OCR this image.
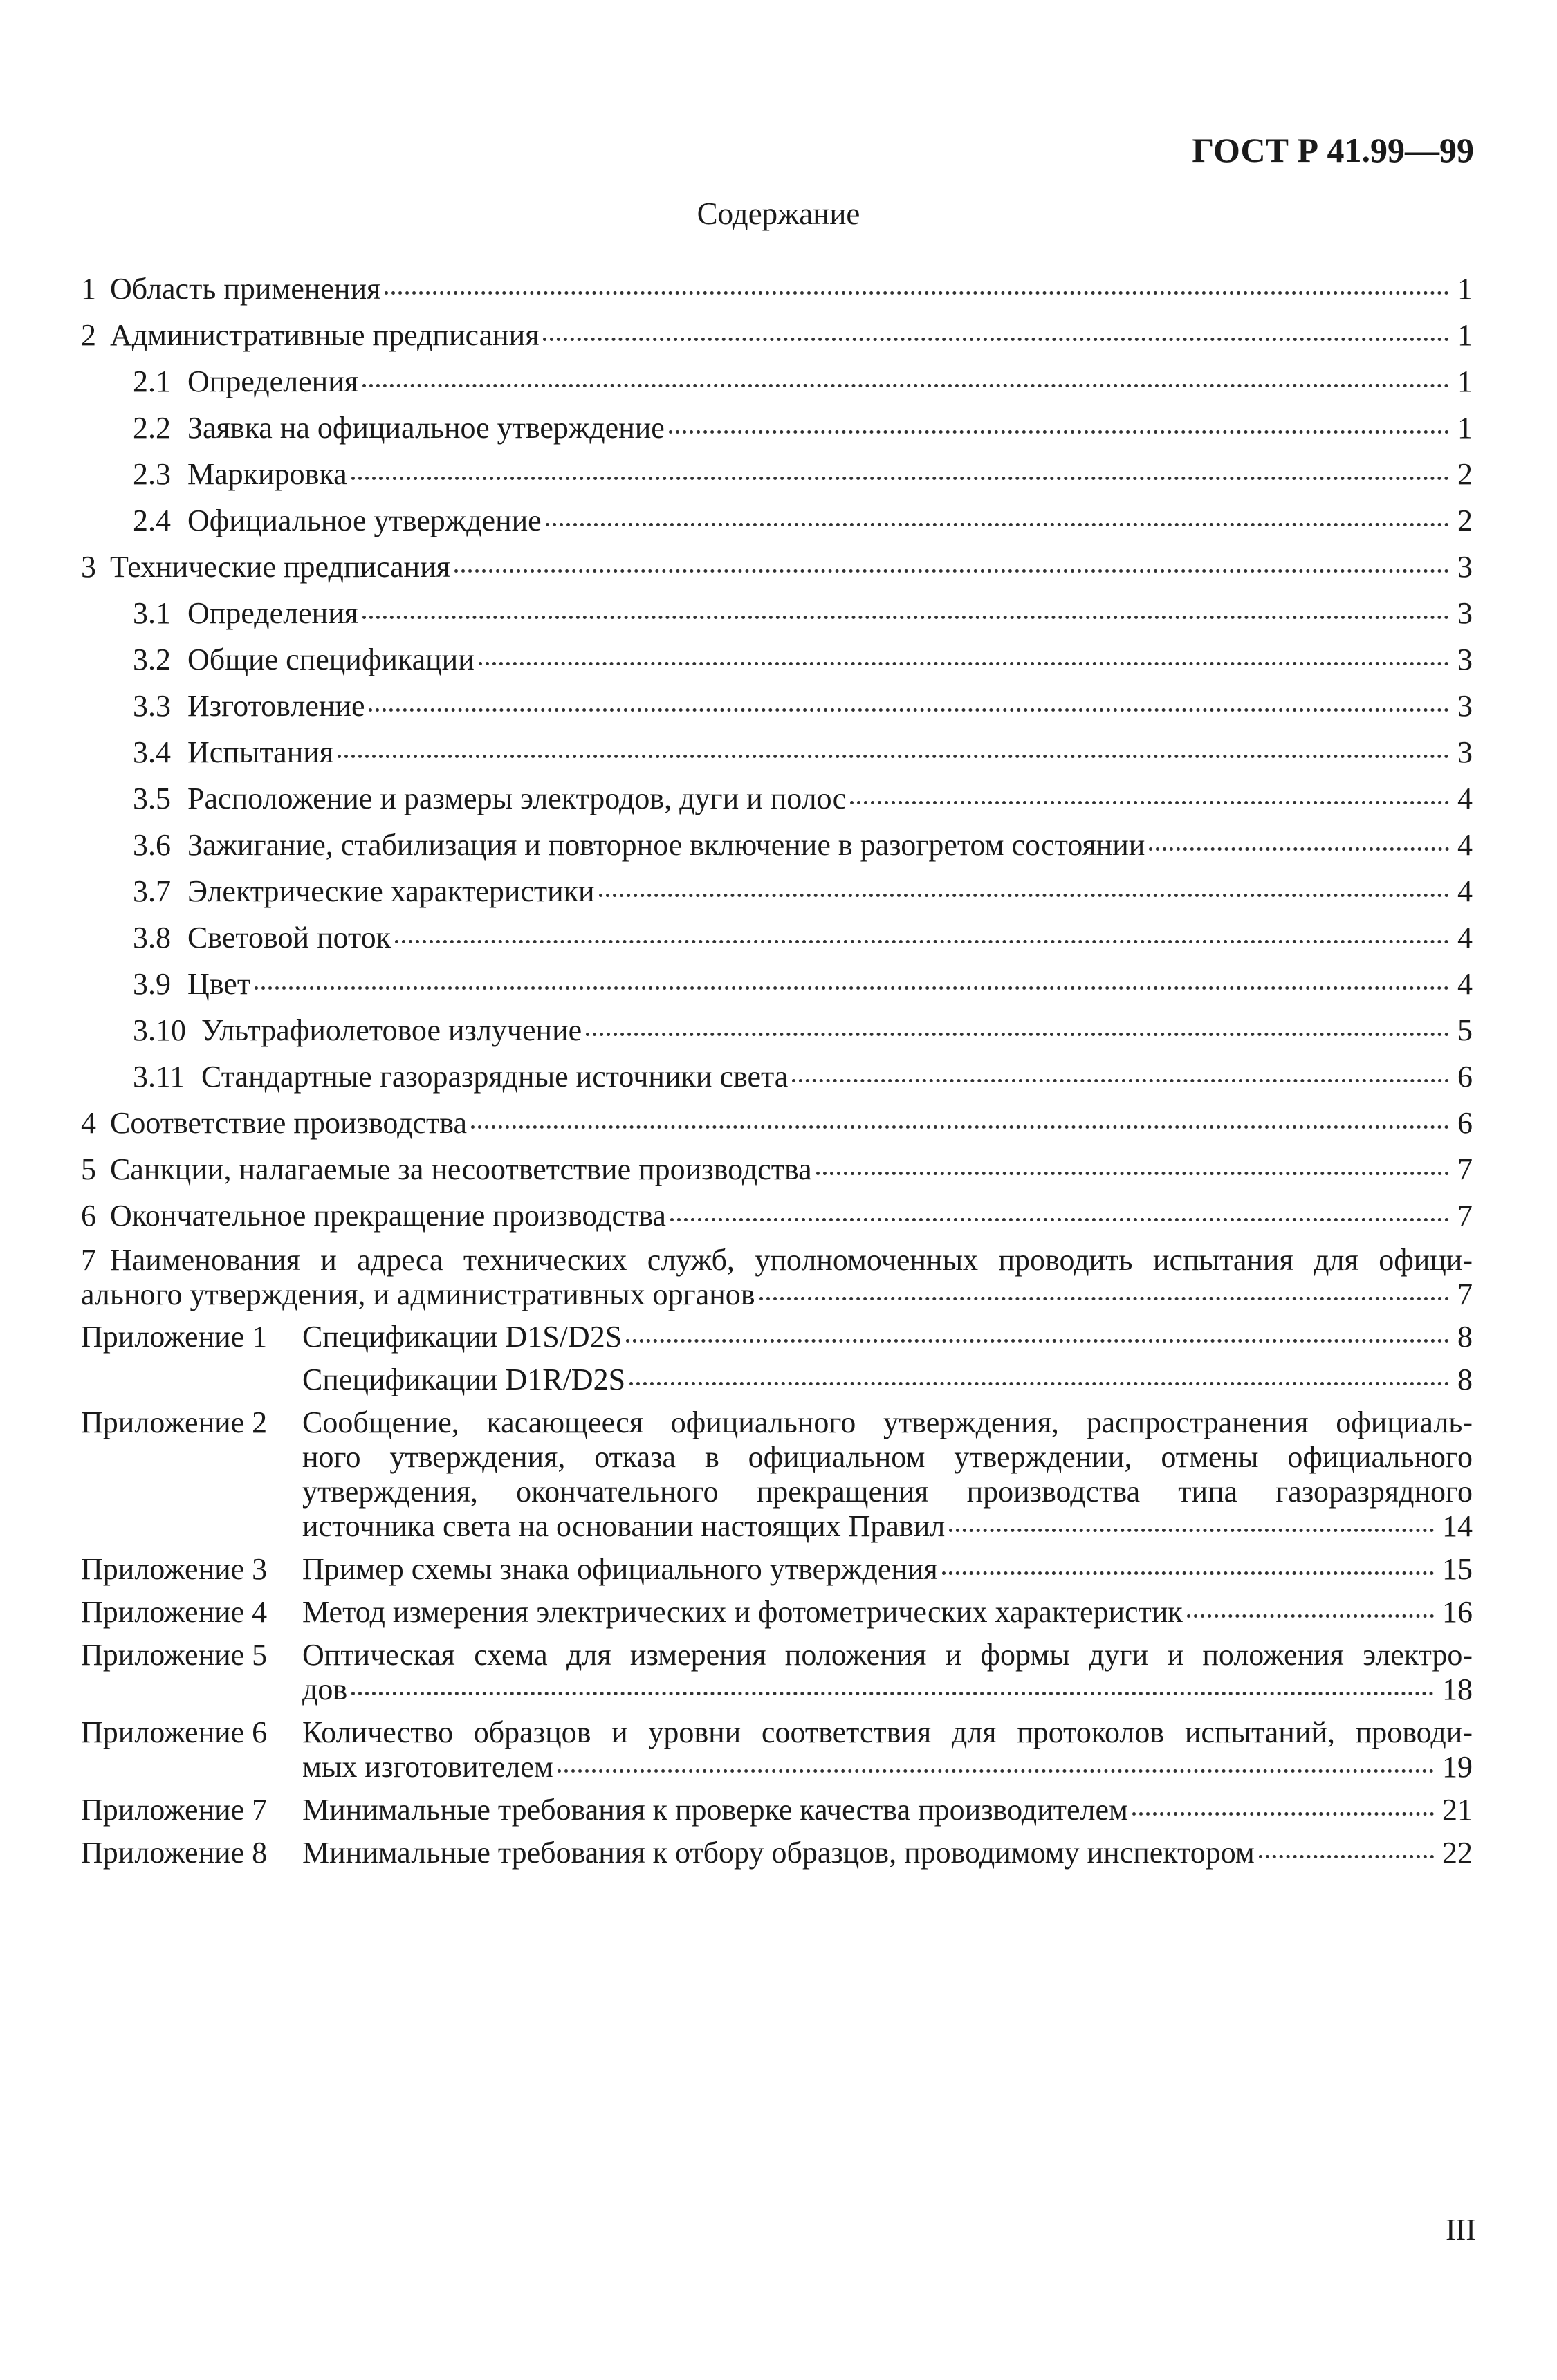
ГОСТ Р 41.99—99
Содержание
1 Область применения	1
2 Административные предписания	1
2.1 Определения	1
2.2 Заявка на официальное утверждение	1
2.3 Маркировка	2
2.4 Официальное утверждение	2
3 Технические предписания	3
3.1 Определения	3
3.2 Общие спецификации	3
3.3 Изготовление	3
3.4 Испытания	3
3.5 Расположение и размеры электродов, дуги и полос	4
3.6 Зажигание, стабилизация и повторное включение в разогретом состоянии	4
3.7 Электрические характеристики	4
3.8 Световой поток	4
3.9 Цвет	4
3.10 Ультрафиолетовое излучение	5
3.11 Стандартные газоразрядные источники света	6
4 Соответствие производства	6
5 Санкции, налагаемые за несоответствие производства	7
6 Окончательное прекращение производства	7
7 Наименования и адреса технических служб, уполномоченных проводить испытания для офици-
ального утверждения, и административных органов	7
Приложение 1	Спецификации D1S/D2S	8
Спецификации D1R/D2S	8
Приложение 2	Сообщение, касающееся официального утверждения, распространения официаль-
ного утверждения, отказа в официальном утверждении, отмены официального
утверждения, окончательного прекращения производства типа газоразрядного
источника света на основании настоящих Правил	14
Приложение 3	Пример схемы знака официального утверждения	15
Приложение 4	Метод измерения электрических и фотометрических характеристик	16
Приложение 5	Оптическая схема для измерения положения и формы дуги и положения электро-
дов	18
Приложение 6	Количество образцов и уровни соответствия для протоколов испытаний, проводи-
мых изготовителем	19
Приложение 7	Минимальные требования к проверке качества производителем	21
Приложение 8	Минимальные требования к отбору образцов, проводимому инспектором	22
III
